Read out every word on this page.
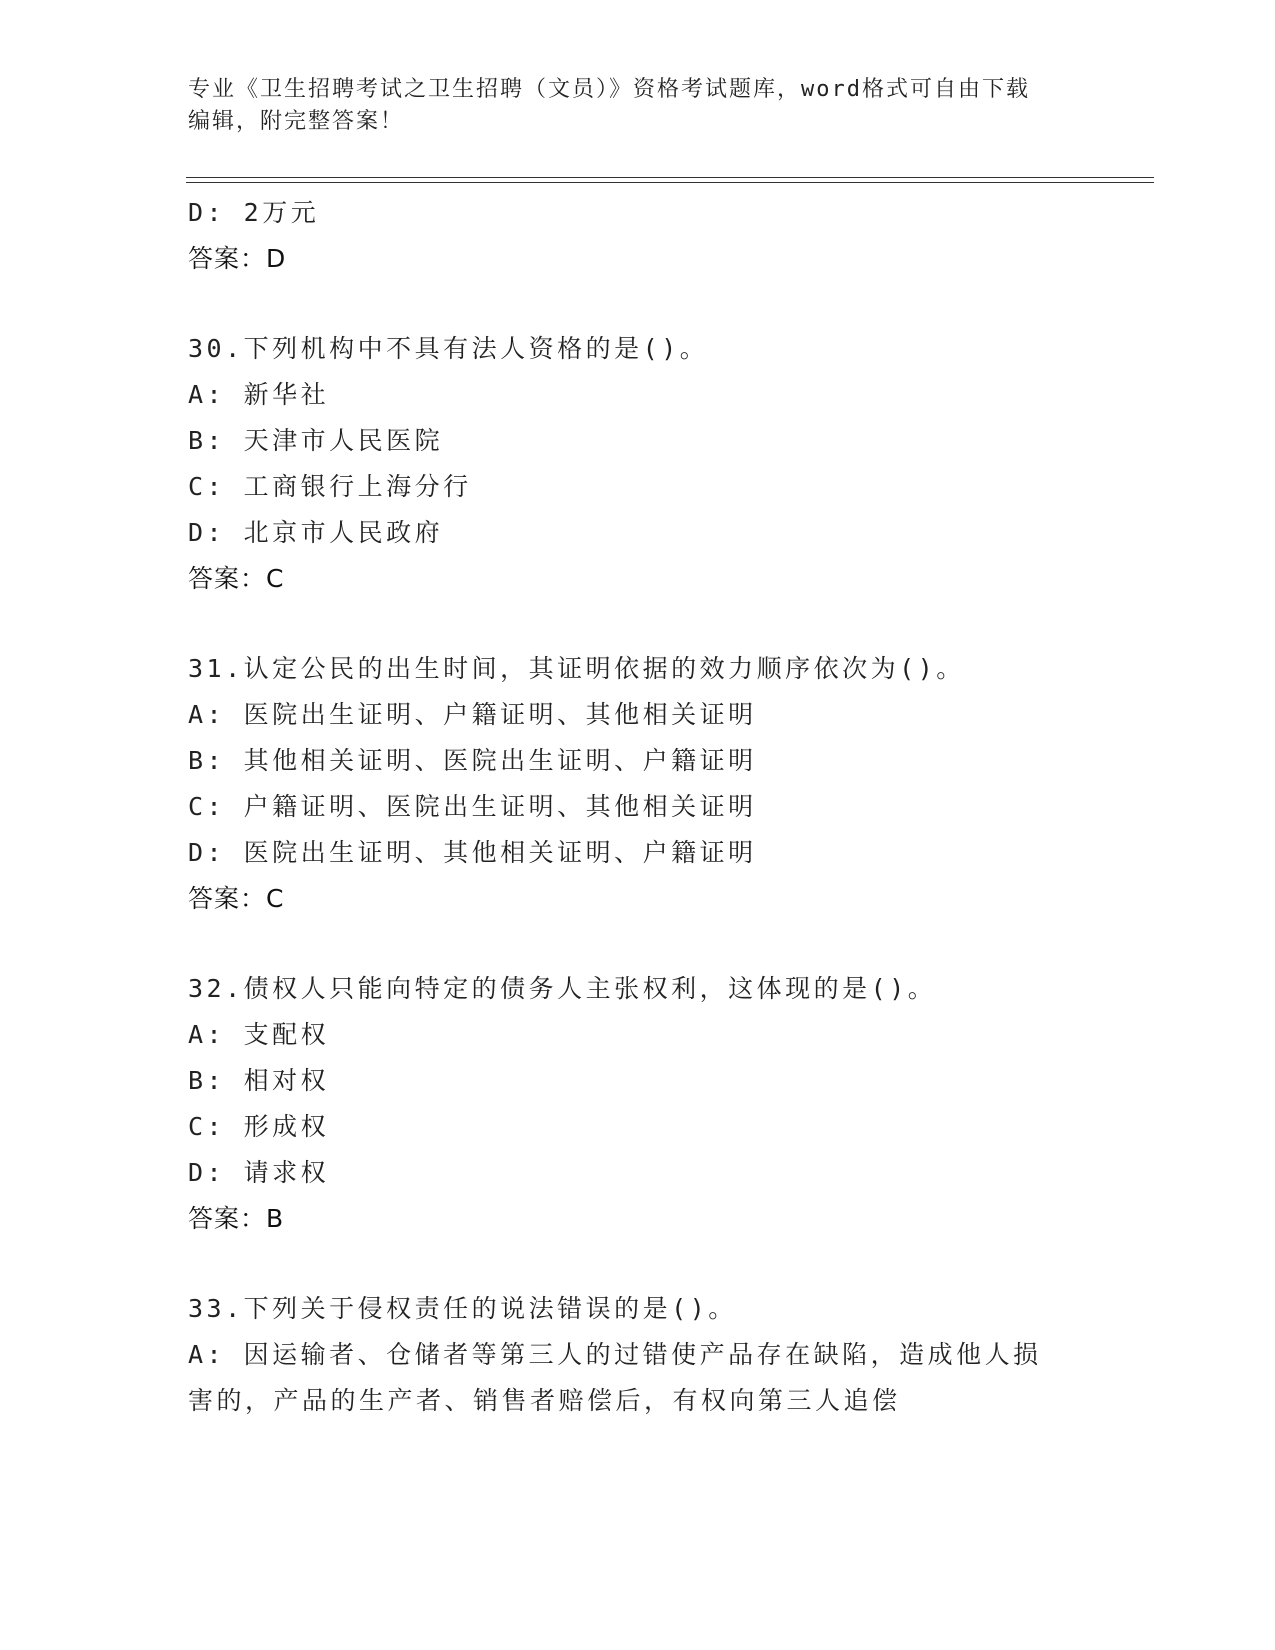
专业《卫生招聘考试之卫生招聘（文员）》资格考试题库，word格式可自由下载
编辑，附完整答案！
D: 2万元
答案：D
30.下列机构中不具有法人资格的是()。
A: 新华社
B: 天津市人民医院
C: 工商银行上海分行
D: 北京市人民政府
答案：C
31.认定公民的出生时间，其证明依据的效力顺序依次为()。
A: 医院出生证明、户籍证明、其他相关证明
B: 其他相关证明、医院出生证明、户籍证明
C: 户籍证明、医院出生证明、其他相关证明
D: 医院出生证明、其他相关证明、户籍证明
答案：C
32.债权人只能向特定的债务人主张权利，这体现的是()。
A: 支配权
B: 相对权
C: 形成权
D: 请求权
答案：B
33.下列关于侵权责任的说法错误的是()。
A: 因运输者、仓储者等第三人的过错使产品存在缺陷，造成他人损害的，产品的生产者、销售者赔偿后，有权向第三人追偿
